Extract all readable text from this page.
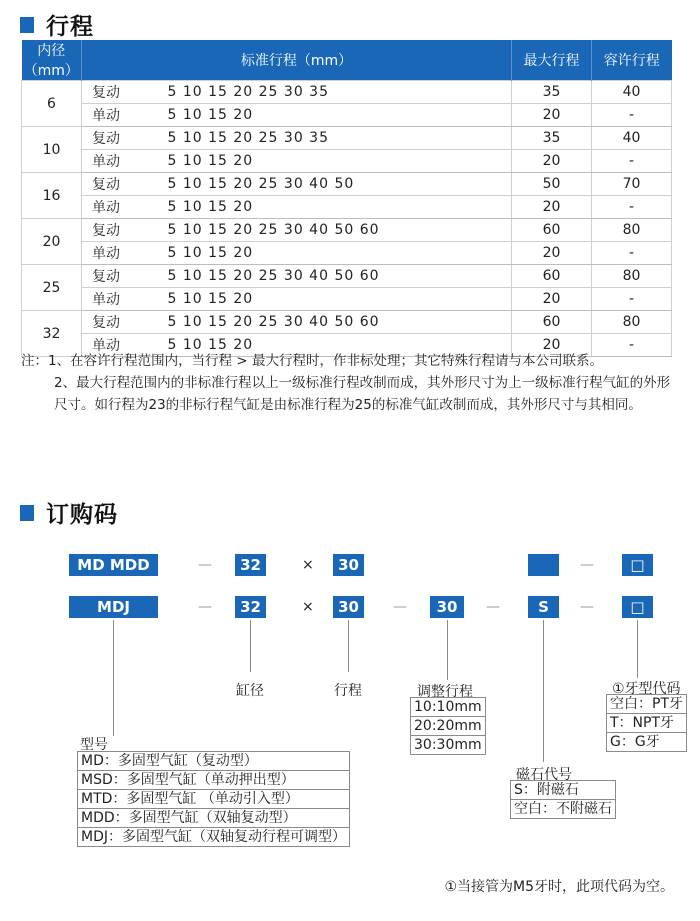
行程
内径（mm）	标准行程（mm）		最大行程	容许行程
6	复动	5 10 15 20 25 30 35	35	40
	单动	5 10 15 20	20	-
10	复动	5 10 15 20 25 30 35	35	40
	单动	5 10 15 20	20	-
16	复动	5 10 15 20 25 30 40 50	50	70
	单动	5 10 15 20	20	-
20	复动	5 10 15 20 25 30 40 50 60	60	80
	单动	5 10 15 20	20	-
25	复动	5 10 15 20 25 30 40 50 60	60	80
	单动	5 10 15 20	20	-
32	复动	5 10 15 20 25 30 40 50 60	60	80
	单动	5 10 15 20	20	-
注：1、在容许行程范围内，当行程 > 最大行程时，作非标处理；其它特殊行程请与本公司联系。
2、最大行程范围内的非标准行程以上一级标准行程改制而成，其外形尺寸为上一级标准行程气缸的外形尺寸。如行程为23的非标行程气缸是由标准行程为25的标准气缸改制而成，其外形尺寸与其相同。
订购码
MD MDD	—	32	×	30	—	□
MDJ	—	32	×	30	—	30	—	S	—	□
缸径	行程	调整行程
10:10mm
20:20mm
30:30mm
①牙型代码
空白：PT牙
T：NPT牙
G：G牙
型号
MD：多固型气缸（复动型）
MSD：多固型气缸（单动押出型）
MTD：多固型气缸 （单动引入型）
MDD：多固型气缸（双轴复动型）
MDJ：多固型气缸（双轴复动行程可调型）
磁石代号
S：附磁石
空白：不附磁石
①当接管为M5牙时，此项代码为空。
